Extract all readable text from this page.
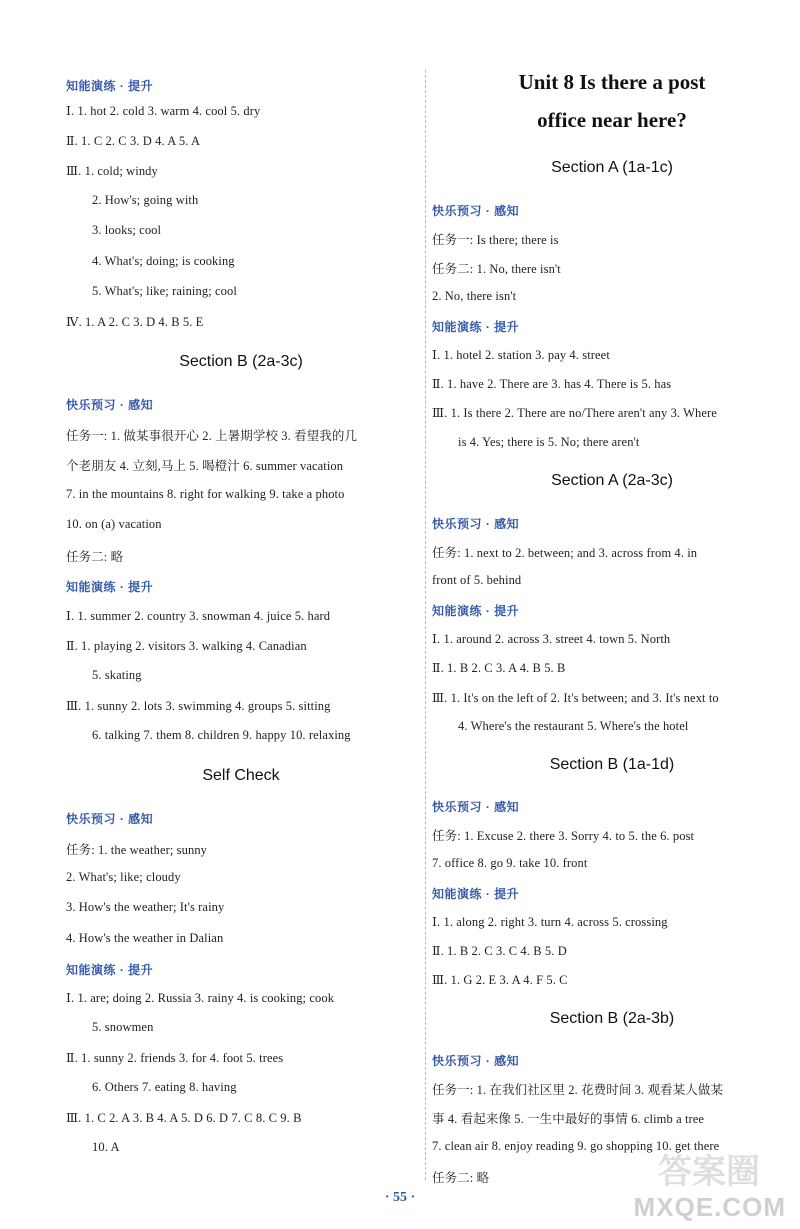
知能演练 · 提升
Ⅰ. 1. hot 2. cold 3. warm 4. cool 5. dry
Ⅱ. 1. C 2. C 3. D 4. A 5. A
Ⅲ. 1. cold; windy
2. How's; going with
3. looks; cool
4. What's; doing; is cooking
5. What's; like; raining; cool
Ⅳ. 1. A 2. C 3. D 4. B 5. E
Section B (2a-3c)
快乐预习 · 感知
任务一: 1. 做某事很开心 2. 上暑期学校 3. 看望我的几
个老朋友 4. 立刻,马上 5. 喝橙汁 6. summer vacation
7. in the mountains 8. right for walking 9. take a photo
10. on (a) vacation
任务二: 略
知能演练 · 提升
Ⅰ. 1. summer 2. country 3. snowman 4. juice 5. hard
Ⅱ. 1. playing 2. visitors 3. walking 4. Canadian
5. skating
Ⅲ. 1. sunny 2. lots 3. swimming 4. groups 5. sitting
6. talking 7. them 8. children 9. happy 10. relaxing
Self Check
快乐预习 · 感知
任务: 1. the weather; sunny
2. What's; like; cloudy
3. How's the weather; It's rainy
4. How's the weather in Dalian
知能演练 · 提升
Ⅰ. 1. are; doing 2. Russia 3. rainy 4. is cooking; cook
5. snowmen
Ⅱ. 1. sunny 2. friends 3. for 4. foot 5. trees
6. Others 7. eating 8. having
Ⅲ. 1. C 2. A 3. B 4. A 5. D 6. D 7. C 8. C 9. B
10. A
Unit 8 Is there a post
office near here?
Section A (1a-1c)
快乐预习 · 感知
任务一: Is there; there is
任务二: 1. No, there isn't
2. No, there isn't
知能演练 · 提升
Ⅰ. 1. hotel 2. station 3. pay 4. street
Ⅱ. 1. have 2. There are 3. has 4. There is 5. has
Ⅲ. 1. Is there 2. There are no/There aren't any 3. Where
is 4. Yes; there is 5. No; there aren't
Section A (2a-3c)
快乐预习 · 感知
任务: 1. next to 2. between; and 3. across from 4. in
front of 5. behind
知能演练 · 提升
Ⅰ. 1. around 2. across 3. street 4. town 5. North
Ⅱ. 1. B 2. C 3. A 4. B 5. B
Ⅲ. 1. It's on the left of 2. It's between; and 3. It's next to
4. Where's the restaurant 5. Where's the hotel
Section B (1a-1d)
快乐预习 · 感知
任务: 1. Excuse 2. there 3. Sorry 4. to 5. the 6. post
7. office 8. go 9. take 10. front
知能演练 · 提升
Ⅰ. 1. along 2. right 3. turn 4. across 5. crossing
Ⅱ. 1. B 2. C 3. C 4. B 5. D
Ⅲ. 1. G 2. E 3. A 4. F 5. C
Section B (2a-3b)
快乐预习 · 感知
任务一: 1. 在我们社区里 2. 花费时间 3. 观看某人做某
事 4. 看起来像 5. 一生中最好的事情 6. climb a tree
7. clean air 8. enjoy reading 9. go shopping 10. get there
任务二: 略
· 55 ·
答案圈
MXQE.COM
